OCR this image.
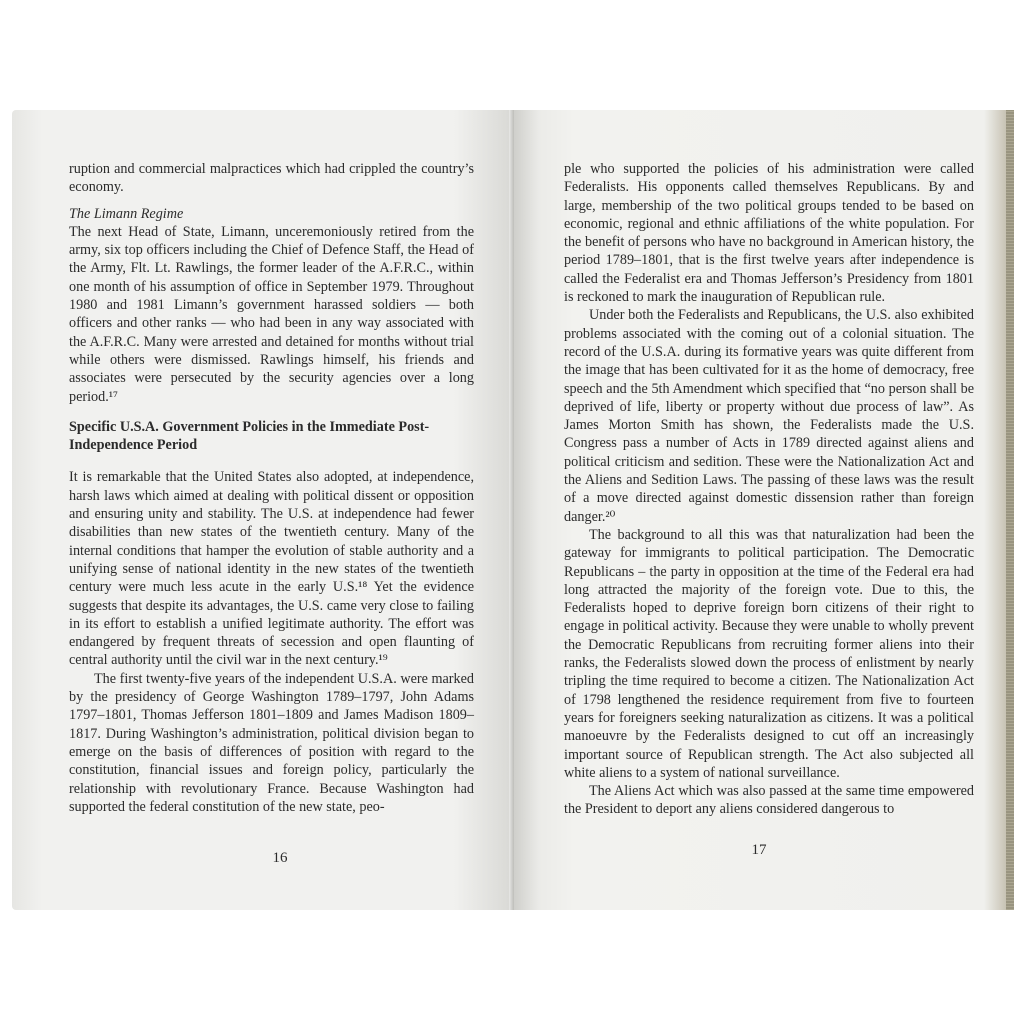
ruption and commercial malpractices which had crippled the country’s economy.

The Limann Regime

The next Head of State, Limann, unceremoniously retired from the army, six top officers including the Chief of Defence Staff, the Head of the Army, Flt. Lt. Rawlings, the former leader of the A.F.R.C., within one month of his assumption of office in September 1979. Throughout 1980 and 1981 Limann’s government harassed soldiers — both officers and other ranks — who had been in any way associated with the A.F.R.C. Many were arrested and detained for months without trial while others were dismissed. Rawlings himself, his friends and associates were persecuted by the security agencies over a long period.¹⁷

Specific U.S.A. Government Policies in the Immediate Post-Independence Period

It is remarkable that the United States also adopted, at independence, harsh laws which aimed at dealing with political dissent or opposition and ensuring unity and stability. The U.S. at independence had fewer disabilities than new states of the twentieth century. Many of the internal conditions that hamper the evolution of stable authority and a unifying sense of national identity in the new states of the twentieth century were much less acute in the early U.S.¹⁸ Yet the evidence suggests that despite its advantages, the U.S. came very close to failing in its effort to establish a unified legitimate authority. The effort was endangered by frequent threats of secession and open flaunting of central authority until the civil war in the next century.¹⁹

The first twenty-five years of the independent U.S.A. were marked by the presidency of George Washington 1789–1797, John Adams 1797–1801, Thomas Jefferson 1801–1809 and James Madison 1809–1817. During Washington’s administration, political division began to emerge on the basis of differences of position with regard to the constitution, financial issues and foreign policy, particularly the relationship with revolutionary France. Because Washington had supported the federal constitution of the new state, peo-

16

ple who supported the policies of his administration were called Federalists. His opponents called themselves Republicans. By and large, membership of the two political groups tended to be based on economic, regional and ethnic affiliations of the white population. For the benefit of persons who have no background in American history, the period 1789–1801, that is the first twelve years after independence is called the Federalist era and Thomas Jefferson’s Presidency from 1801 is reckoned to mark the inauguration of Republican rule.

Under both the Federalists and Republicans, the U.S. also exhibited problems associated with the coming out of a colonial situation. The record of the U.S.A. during its formative years was quite different from the image that has been cultivated for it as the home of democracy, free speech and the 5th Amendment which specified that “no person shall be deprived of life, liberty or property without due process of law”. As James Morton Smith has shown, the Federalists made the U.S. Congress pass a number of Acts in 1789 directed against aliens and political criticism and sedition. These were the Nationalization Act and the Aliens and Sedition Laws. The passing of these laws was the result of a move directed against domestic dissension rather than foreign danger.²⁰

The background to all this was that naturalization had been the gateway for immigrants to political participation. The Democratic Republicans – the party in opposition at the time of the Federal era had long attracted the majority of the foreign vote. Due to this, the Federalists hoped to deprive foreign born citizens of their right to engage in political activity. Because they were unable to wholly prevent the Democratic Republicans from recruiting former aliens into their ranks, the Federalists slowed down the process of enlistment by nearly tripling the time required to become a citizen. The Nationalization Act of 1798 lengthened the residence requirement from five to fourteen years for foreigners seeking naturalization as citizens. It was a political manoeuvre by the Federalists designed to cut off an increasingly important source of Republican strength. The Act also subjected all white aliens to a system of national surveillance.

The Aliens Act which was also passed at the same time empowered the President to deport any aliens considered dangerous to

17
